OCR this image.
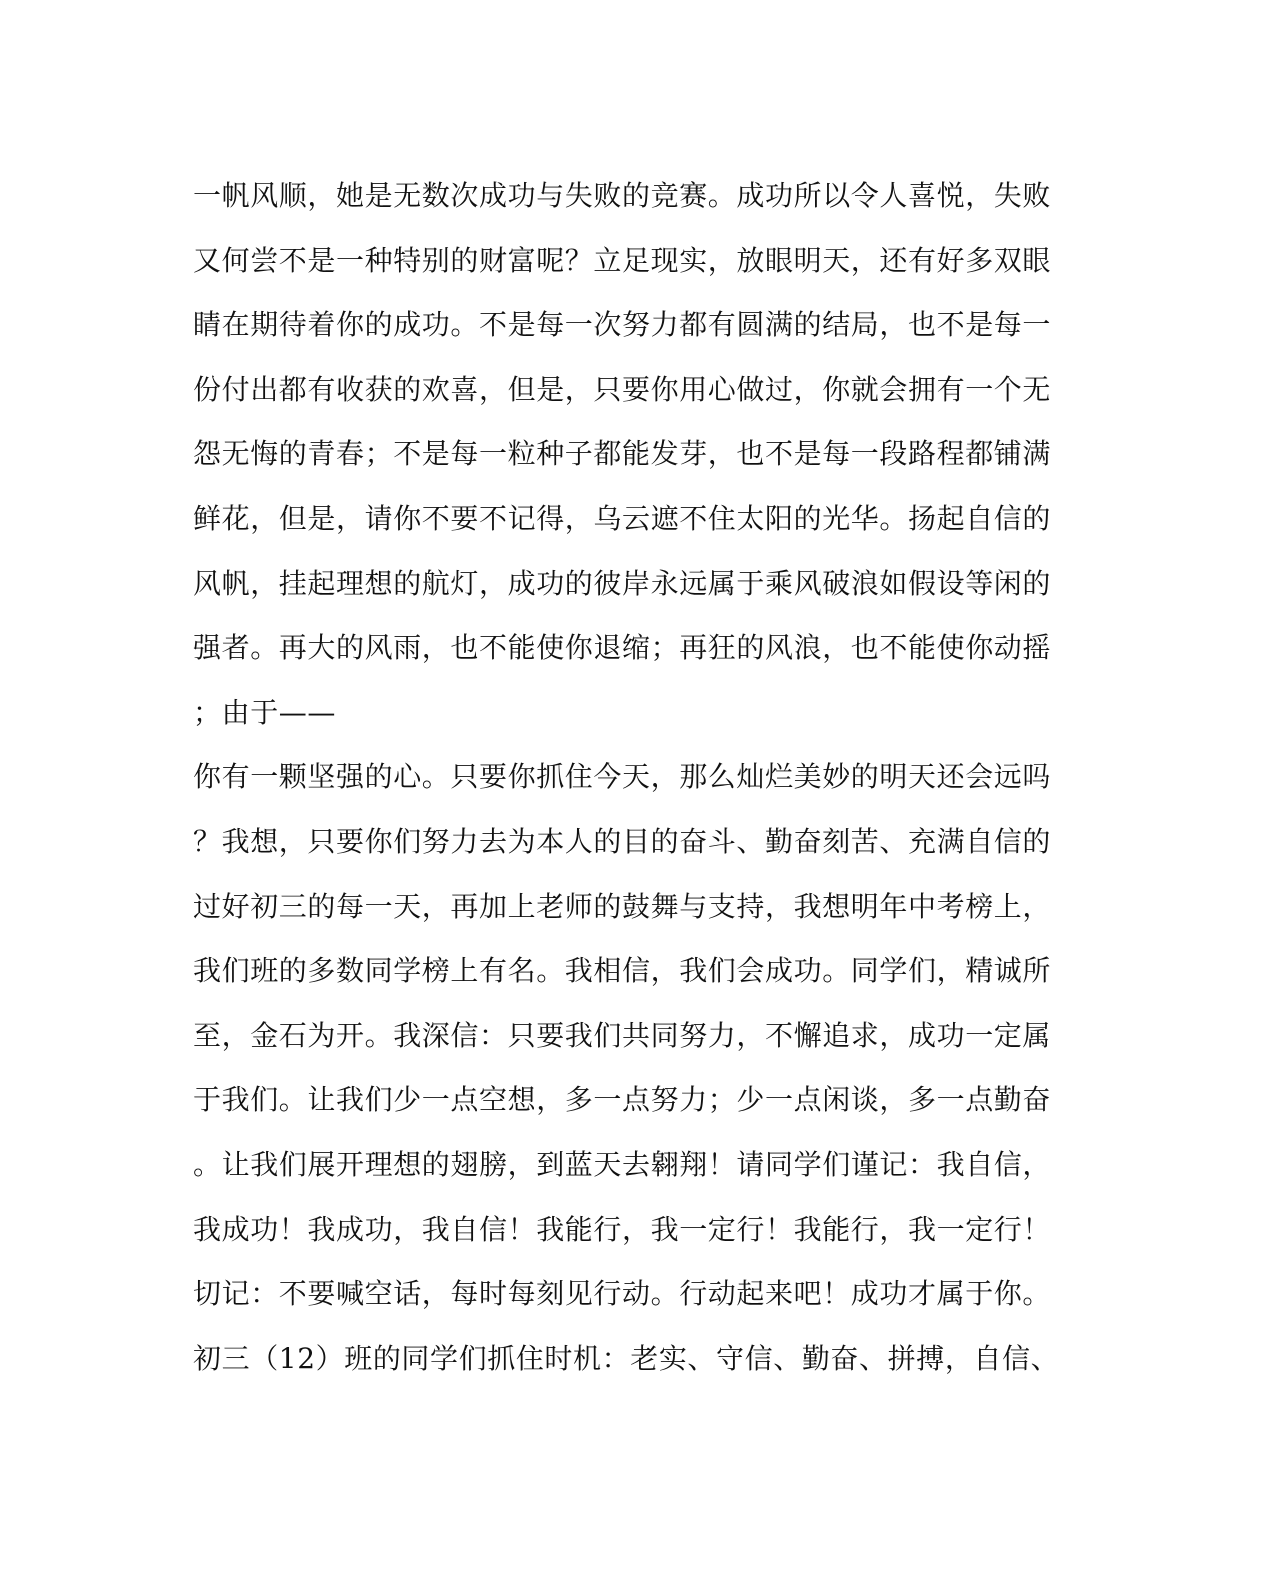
一帆风顺，她是无数次成功与失败的竞赛。成功所以令人喜悦，失败
又何尝不是一种特别的财富呢？立足现实，放眼明天，还有好多双眼
睛在期待着你的成功。不是每一次努力都有圆满的结局，也不是每一
份付出都有收获的欢喜，但是，只要你用心做过，你就会拥有一个无
怨无悔的青春；不是每一粒种子都能发芽，也不是每一段路程都铺满
鲜花，但是，请你不要不记得，乌云遮不住太阳的光华。扬起自信的
风帆，挂起理想的航灯，成功的彼岸永远属于乘风破浪如假设等闲的
强者。再大的风雨，也不能使你退缩；再狂的风浪，也不能使你动摇
；由于——
你有一颗坚强的心。只要你抓住今天，那么灿烂美妙的明天还会远吗
？我想，只要你们努力去为本人的目的奋斗、勤奋刻苦、充满自信的
过好初三的每一天，再加上老师的鼓舞与支持，我想明年中考榜上，
我们班的多数同学榜上有名。我相信，我们会成功。同学们，精诚所
至，金石为开。我深信：只要我们共同努力，不懈追求，成功一定属
于我们。让我们少一点空想，多一点努力；少一点闲谈，多一点勤奋
。让我们展开理想的翅膀，到蓝天去翱翔！请同学们谨记：我自信，
我成功！我成功，我自信！我能行，我一定行！我能行，我一定行！
切记：不要喊空话，每时每刻见行动。行动起来吧！成功才属于你。
初三（12）班的同学们抓住时机：老实、守信、勤奋、拼搏，自信、
